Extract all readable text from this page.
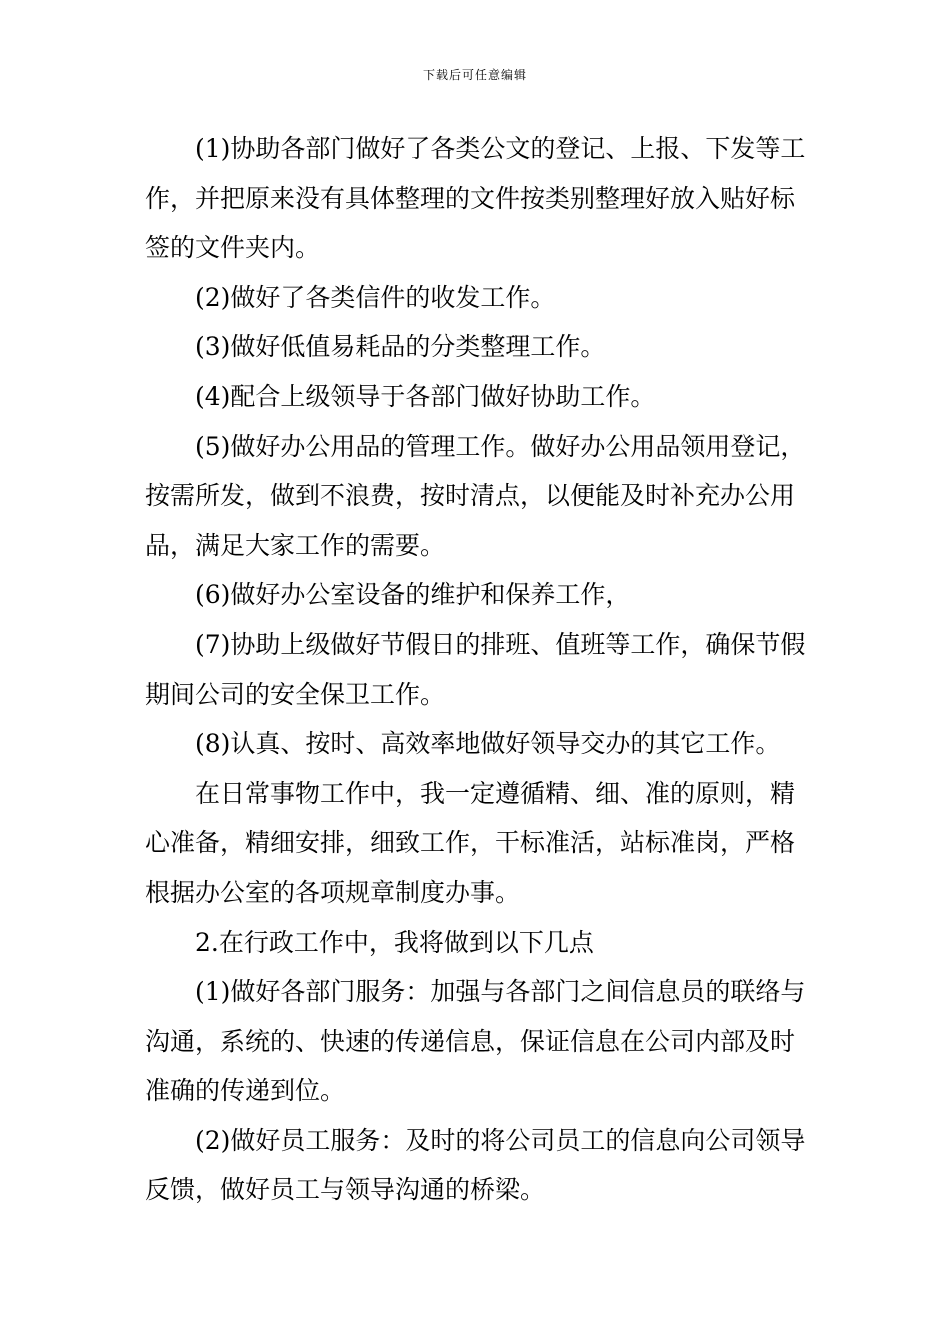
下载后可任意编辑

(1)协助各部门做好了各类公文的登记、上报、下发等工作，并把原来没有具体整理的文件按类别整理好放入贴好标签的文件夹内。

(2)做好了各类信件的收发工作。

(3)做好低值易耗品的分类整理工作。

(4)配合上级领导于各部门做好协助工作。

(5)做好办公用品的管理工作。做好办公用品领用登记，按需所发，做到不浪费，按时清点，以便能及时补充办公用品，满足大家工作的需要。

(6)做好办公室设备的维护和保养工作，

(7)协助上级做好节假日的排班、值班等工作，确保节假期间公司的安全保卫工作。

(8)认真、按时、高效率地做好领导交办的其它工作。

在日常事物工作中，我一定遵循精、细、准的原则，精心准备，精细安排，细致工作，干标准活，站标准岗，严格根据办公室的各项规章制度办事。

2.在行政工作中，我将做到以下几点

(1)做好各部门服务：加强与各部门之间信息员的联络与沟通，系统的、快速的传递信息，保证信息在公司内部及时准确的传递到位。

(2)做好员工服务：及时的将公司员工的信息向公司领导反馈，做好员工与领导沟通的桥梁。
